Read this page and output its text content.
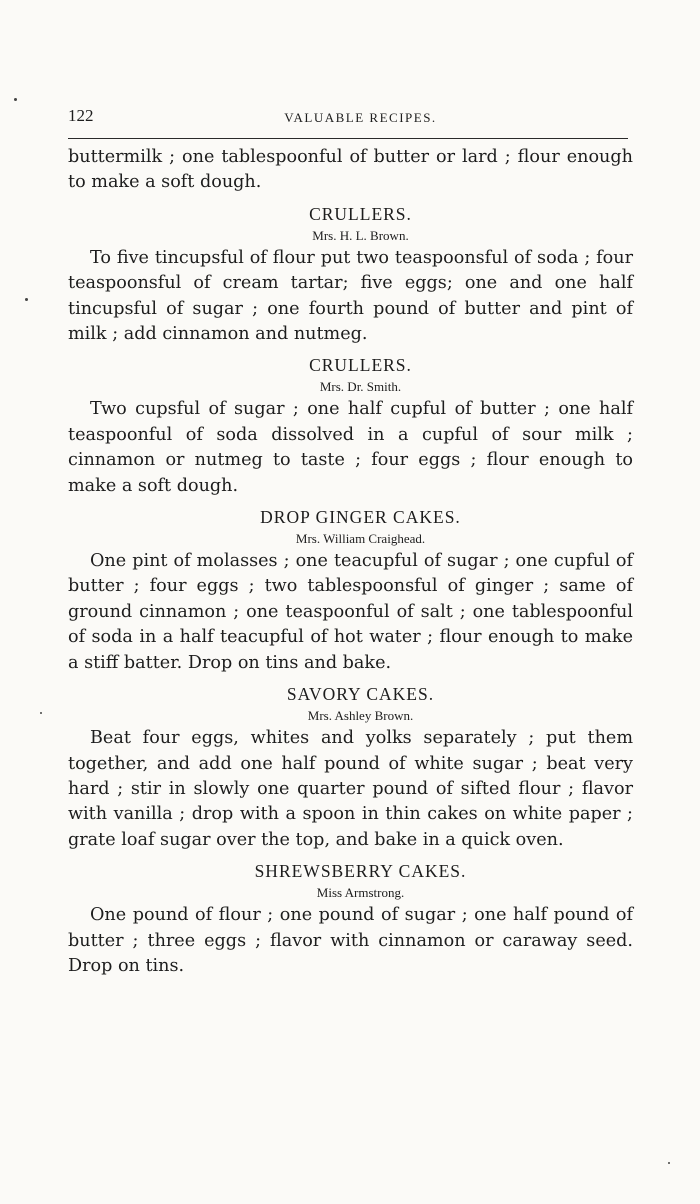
122	VALUABLE RECIPES.

buttermilk ; one tablespoonful of butter or lard ; flour enough to make a soft dough.

CRULLERS.
Mrs. H. L. Brown.

To five tincupsful of flour put two teaspoonsful of soda ; four teaspoonsful of cream tartar; five eggs; one and one half tincupsful of sugar ; one fourth pound of butter and pint of milk ; add cinnamon and nutmeg.

CRULLERS.
Mrs. Dr. Smith.

Two cupsful of sugar ; one half cupful of butter ; one half teaspoonful of soda dissolved in a cupful of sour milk ; cinnamon or nutmeg to taste ; four eggs ; flour enough to make a soft dough.

DROP GINGER CAKES.
Mrs. William Craighead.

One pint of molasses ; one teacupful of sugar ; one cupful of butter ; four eggs ; two tablespoonsful of ginger ; same of ground cinnamon ; one teaspoonful of salt ; one tablespoonful of soda in a half teacupful of hot water ; flour enough to make a stiff batter. Drop on tins and bake.

SAVORY CAKES.
Mrs. Ashley Brown.

Beat four eggs, whites and yolks separately ; put them together, and add one half pound of white sugar ; beat very hard ; stir in slowly one quarter pound of sifted flour ; flavor with vanilla ; drop with a spoon in thin cakes on white paper ; grate loaf sugar over the top, and bake in a quick oven.

SHREWSBERRY CAKES.
Miss Armstrong.

One pound of flour ; one pound of sugar ; one half pound of butter ; three eggs ; flavor with cinnamon or caraway seed. Drop on tins.
